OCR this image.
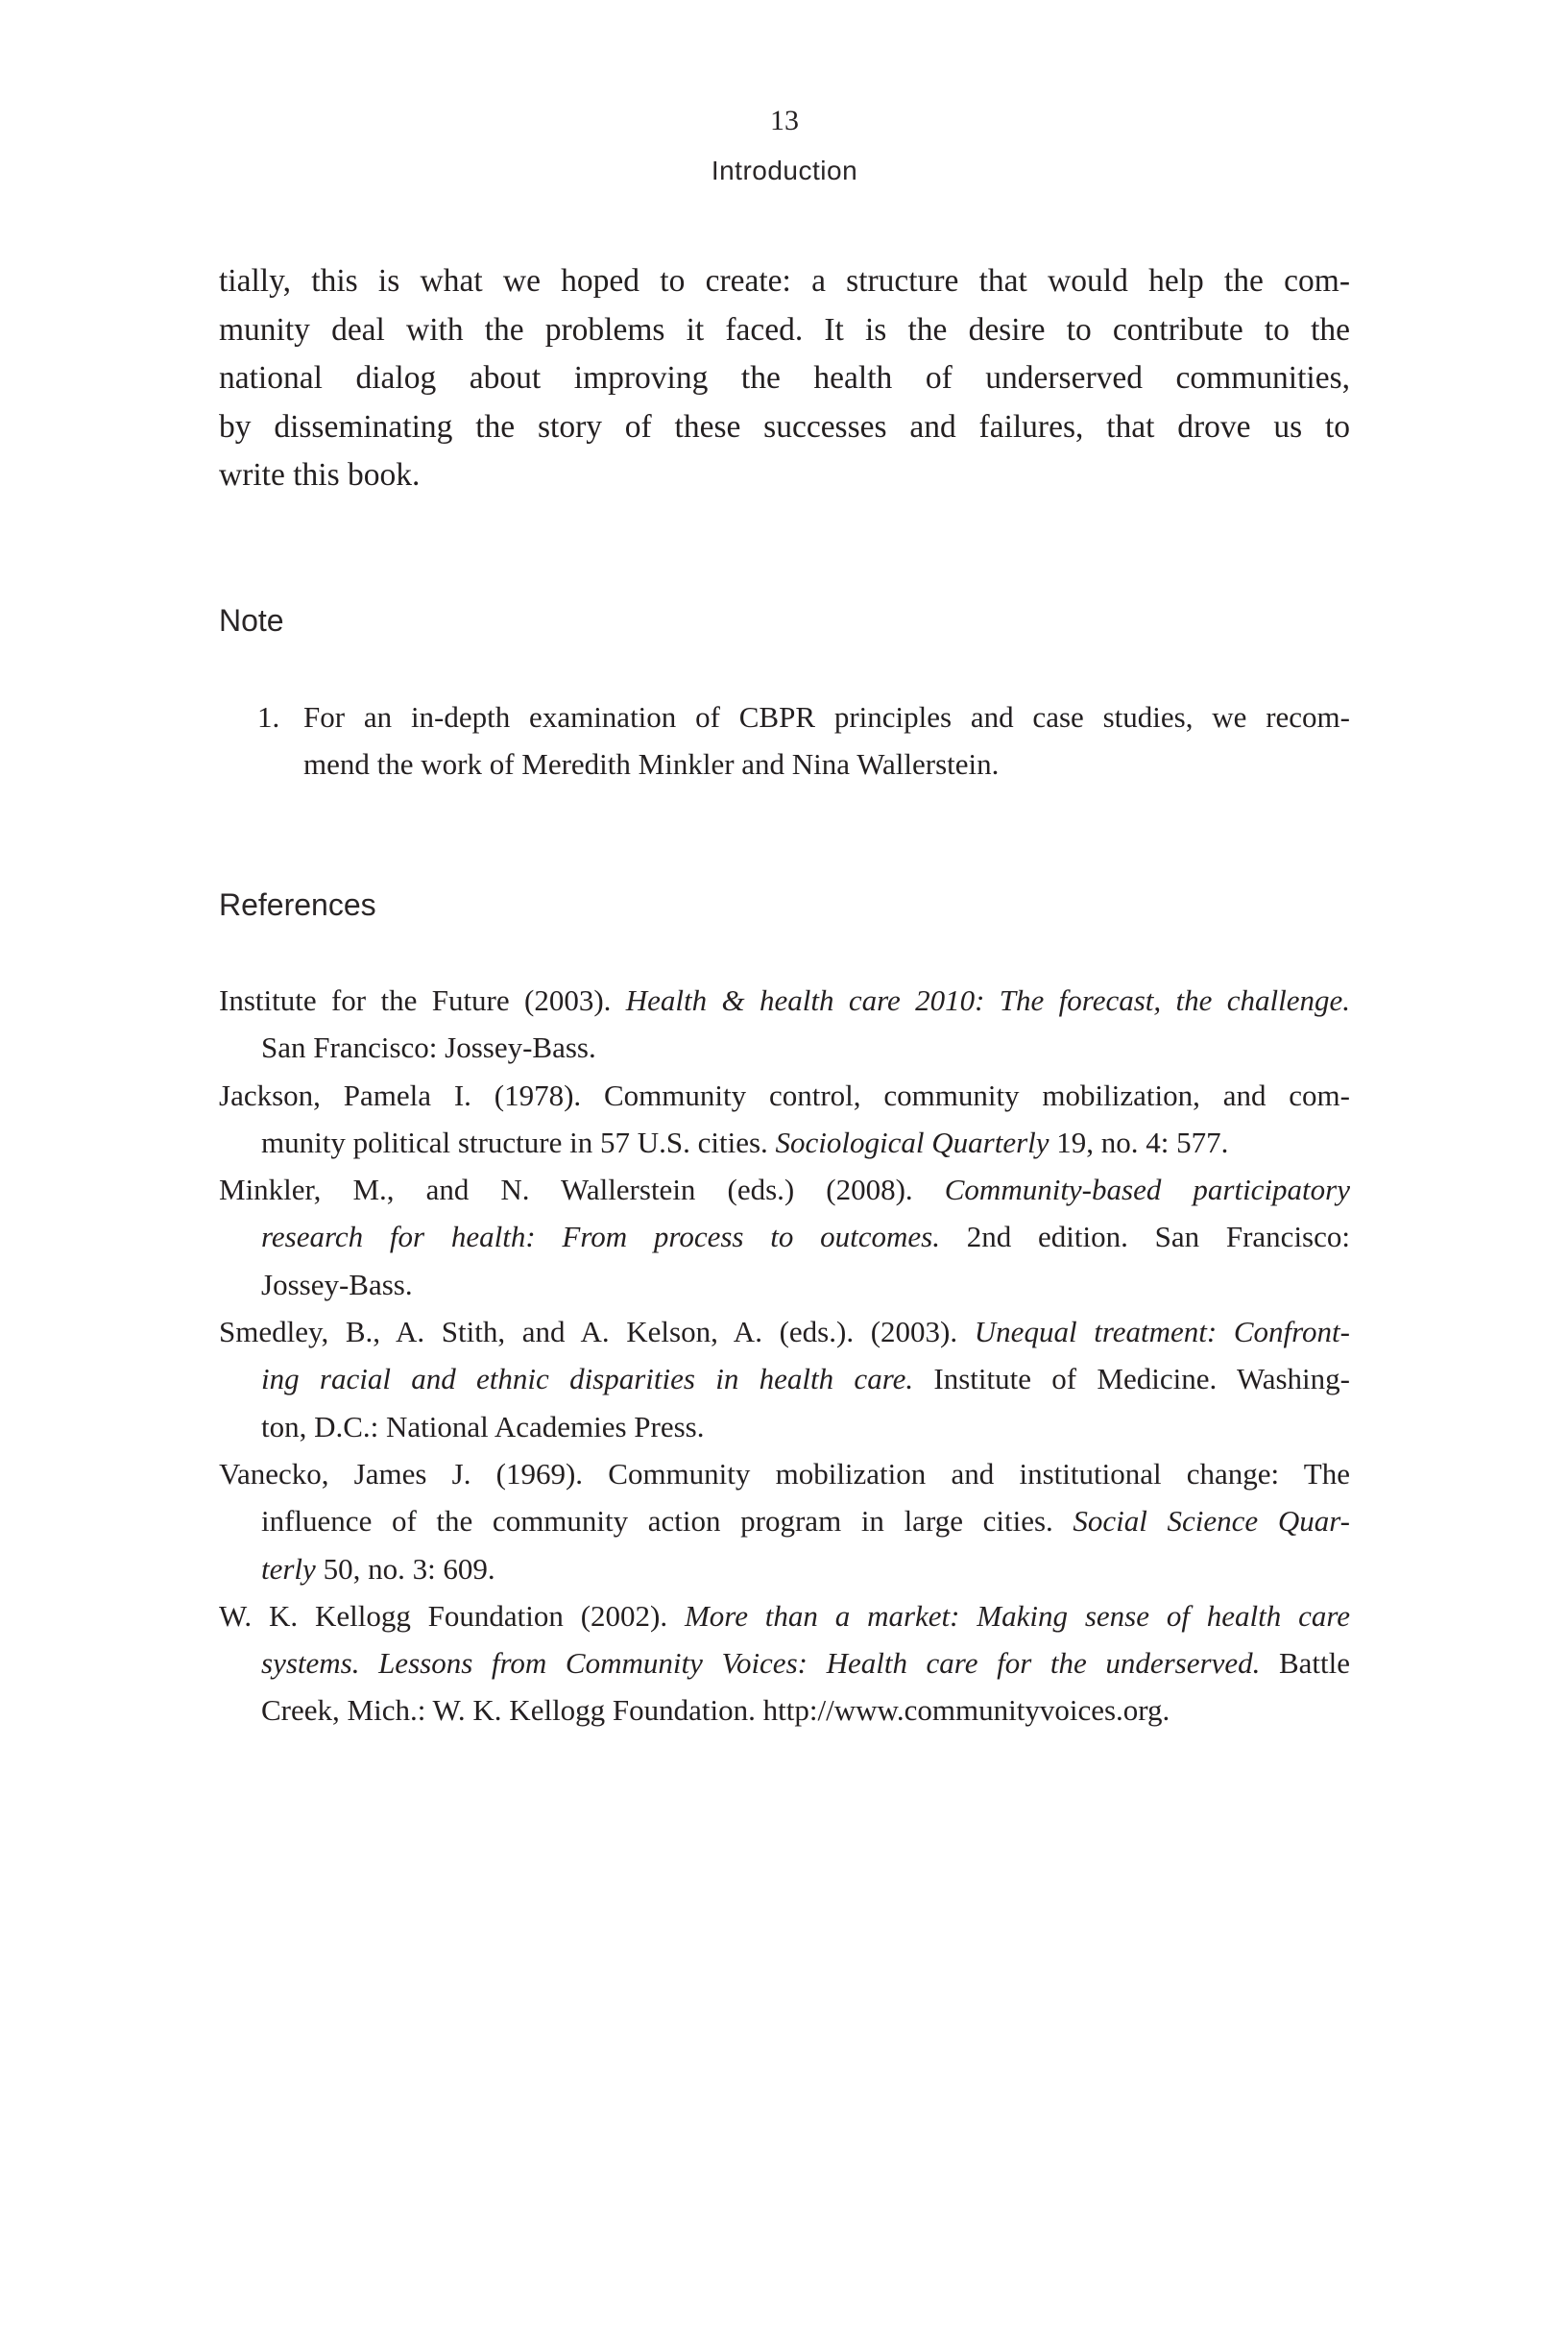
13
Introduction
tially, this is what we hoped to create: a structure that would help the com-
munity deal with the problems it faced. It is the desire to contribute to the
national dialog about improving the health of underserved communities,
by disseminating the story of these successes and failures, that drove us to
write this book.
Note
1. For an in-depth examination of CBPR principles and case studies, we recom-
mend the work of Meredith Minkler and Nina Wallerstein.
References
Institute for the Future (2003). Health & health care 2010: The forecast, the challenge.
San Francisco: Jossey-Bass.
Jackson, Pamela I. (1978). Community control, community mobilization, and com-
munity political structure in 57 U.S. cities. Sociological Quarterly 19, no. 4: 577.
Minkler, M., and N. Wallerstein (eds.) (2008). Community-based participatory
research for health: From process to outcomes. 2nd edition. San Francisco:
Jossey-Bass.
Smedley, B., A. Stith, and A. Kelson, A. (eds.). (2003). Unequal treatment: Confront-
ing racial and ethnic disparities in health care. Institute of Medicine. Washing-
ton, D.C.: National Academies Press.
Vanecko, James J. (1969). Community mobilization and institutional change: The
influence of the community action program in large cities. Social Science Quar-
terly 50, no. 3: 609.
W. K. Kellogg Foundation (2002). More than a market: Making sense of health care
systems. Lessons from Community Voices: Health care for the underserved. Battle
Creek, Mich.: W. K. Kellogg Foundation. http://www.communityvoices.org.
